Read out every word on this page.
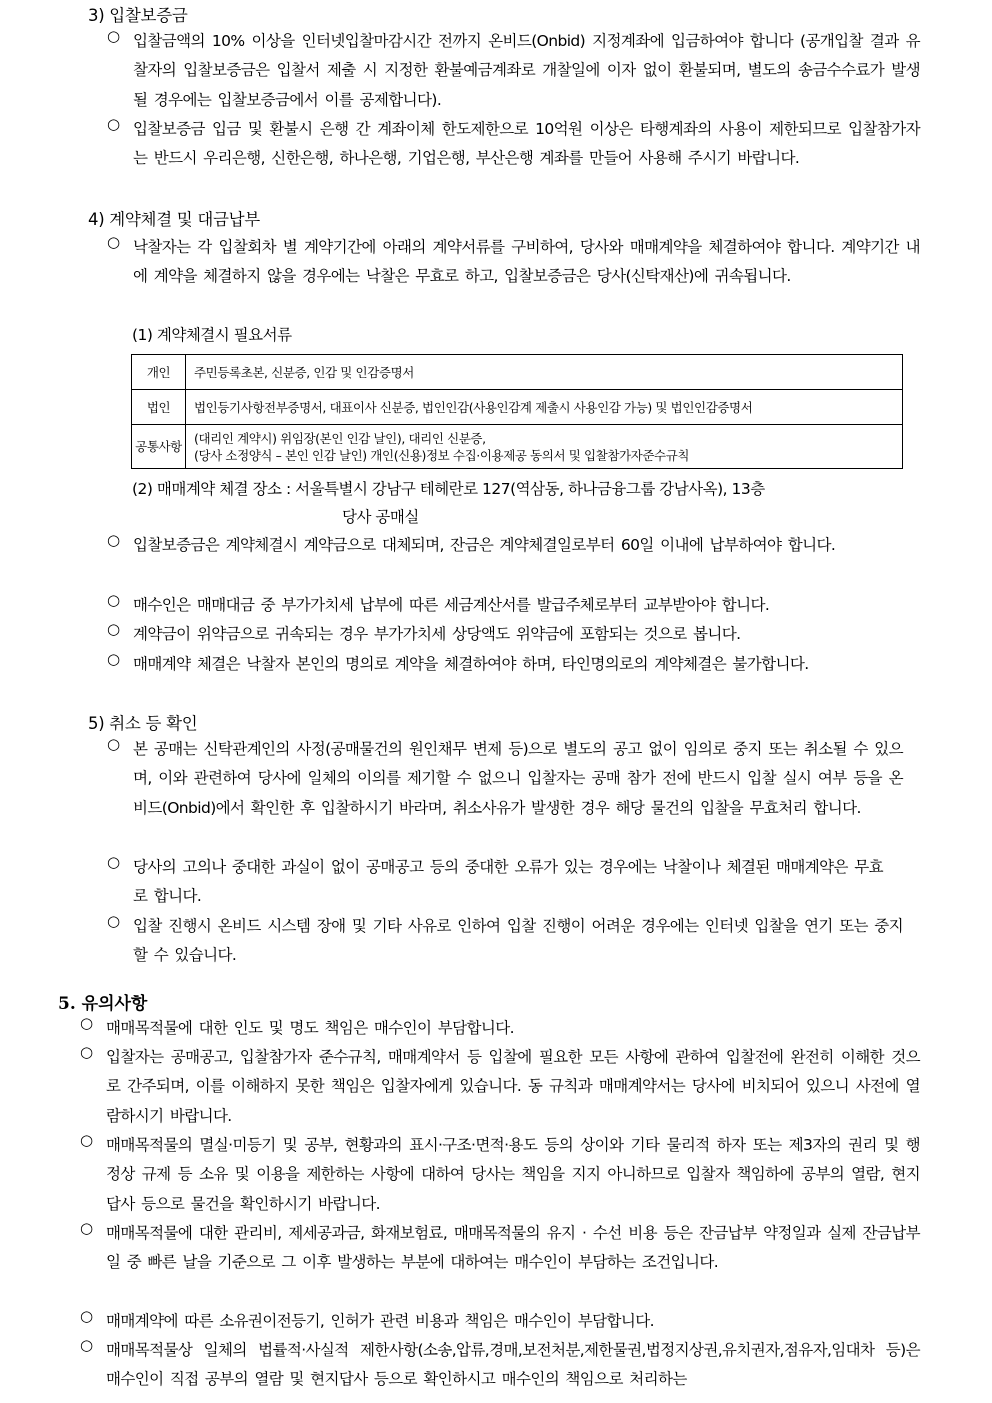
3) 입찰보증금
○ 입찰금액의 10% 이상을 인터넷입찰마감시간 전까지 온비드(Onbid) 지정계좌에 입금하여야 합니다 (공개입찰 결과 유찰자의 입찰보증금은 입찰서 제출 시 지정한 환불예금계좌로 개찰일에 이자 없이 환불되며, 별도의 송금수수료가 발생될 경우에는 입찰보증금에서 이를 공제합니다).
○ 입찰보증금 입금 및 환불시 은행 간 계좌이체 한도제한으로 10억원 이상은 타행계좌의 사용이 제한되므로 입찰참가자는 반드시 우리은행, 신한은행, 하나은행, 기업은행, 부산은행 계좌를 만들어 사용해 주시기 바랍니다.
4) 계약체결 및 대금납부
○ 낙찰자는 각 입찰회차 별 계약기간에 아래의 계약서류를 구비하여, 당사와 매매계약을 체결하여야 합니다. 계약기간 내에 계약을 체결하지 않을 경우에는 낙찰은 무효로 하고, 입찰보증금은 당사(신탁재산)에 귀속됩니다.
(1) 계약체결시 필요서류
개인	주민등록초본, 신분증, 인감 및 인감증명서
법인	법인등기사항전부증명서, 대표이사 신분증, 법인인감(사용인감계 제출시 사용인감 가능) 및 법인인감증명서
공통사항	(대리인 계약시) 위임장(본인 인감 날인), 대리인 신분증,
(당사 소정양식 – 본인 인감 날인) 개인(신용)정보 수집·이용제공 동의서 및 입찰참가자준수규칙
(2) 매매계약 체결 장소 : 서울특별시 강남구 테헤란로 127(역삼동, 하나금융그룹 강남사옥), 13층
당사 공매실
○ 입찰보증금은 계약체결시 계약금으로 대체되며, 잔금은 계약체결일로부터 60일 이내에 납부하여야 합니다.
○ 매수인은 매매대금 중 부가가치세 납부에 따른 세금계산서를 발급주체로부터 교부받아야 합니다.
○ 계약금이 위약금으로 귀속되는 경우 부가가치세 상당액도 위약금에 포함되는 것으로 봅니다.
○ 매매계약 체결은 낙찰자 본인의 명의로 계약을 체결하여야 하며, 타인명의로의 계약체결은 불가합니다.
5) 취소 등 확인
○ 본 공매는 신탁관계인의 사정(공매물건의 원인채무 변제 등)으로 별도의 공고 없이 임의로 중지 또는 취소될 수 있으며, 이와 관련하여 당사에 일체의 이의를 제기할 수 없으니 입찰자는 공매 참가 전에 반드시 입찰 실시 여부 등을 온비드(Onbid)에서 확인한 후 입찰하시기 바라며, 취소사유가 발생한 경우 해당 물건의 입찰을 무효처리 합니다.
○ 당사의 고의나 중대한 과실이 없이 공매공고 등의 중대한 오류가 있는 경우에는 낙찰이나 체결된 매매계약은 무효로 합니다.
○ 입찰 진행시 온비드 시스템 장애 및 기타 사유로 인하여 입찰 진행이 어려운 경우에는 인터넷 입찰을 연기 또는 중지할 수 있습니다.
5. 유의사항
○ 매매목적물에 대한 인도 및 명도 책임은 매수인이 부담합니다.
○ 입찰자는 공매공고, 입찰참가자 준수규칙, 매매계약서 등 입찰에 필요한 모든 사항에 관하여 입찰전에 완전히 이해한 것으로 간주되며, 이를 이해하지 못한 책임은 입찰자에게 있습니다. 동 규칙과 매매계약서는 당사에 비치되어 있으니 사전에 열람하시기 바랍니다.
○ 매매목적물의 멸실·미등기 및 공부, 현황과의 표시·구조·면적·용도 등의 상이와 기타 물리적 하자 또는 제3자의 권리 및 행정상 규제 등 소유 및 이용을 제한하는 사항에 대하여 당사는 책임을 지지 아니하므로 입찰자 책임하에 공부의 열람, 현지 답사 등으로 물건을 확인하시기 바랍니다.
○ 매매목적물에 대한 관리비, 제세공과금, 화재보험료, 매매목적물의 유지 · 수선 비용 등은 잔금납부 약정일과 실제 잔금납부일 중 빠른 날을 기준으로 그 이후 발생하는 부분에 대하여는 매수인이 부담하는 조건입니다.
○ 매매계약에 따른 소유권이전등기, 인허가 관련 비용과 책임은 매수인이 부담합니다.
○ 매매목적물상 일체의 법률적·사실적 제한사항(소송,압류,경매,보전처분,제한물권,법정지상권,유치권자,점유자,임대차 등)은 매수인이 직접 공부의 열람 및 현지답사 등으로 확인하시고 매수인의 책임으로 처리하는
